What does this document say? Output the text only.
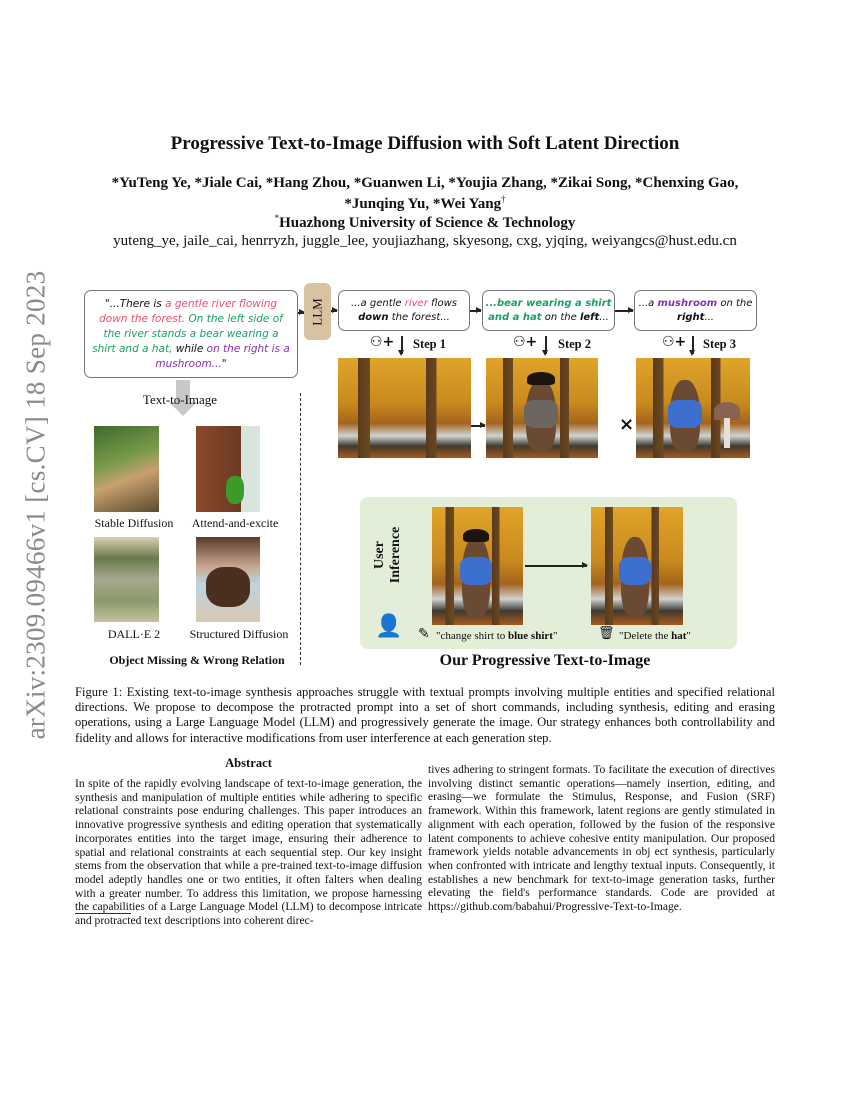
arXiv:2309.09466v1 [cs.CV] 18 Sep 2023
Progressive Text-to-Image Diffusion with Soft Latent Direction
*YuTeng Ye, *Jiale Cai, *Hang Zhou, *Guanwen Li, *Youjia Zhang, *Zikai Song, *Chenxing Gao,
*Junqing Yu, *Wei Yang†
*Huazhong University of Science & Technology
yuteng_ye, jaile_cai, henrryzh, juggle_lee, youjiazhang, skyesong, cxg, yjqing, weiyangcs@hust.edu.cn
"...There is a gentle river flowing down the forest. On the left side of the river stands a bear wearing a shirt and a hat, while on the right is a mushroom..."
LLM	...a gentle river flows down the forest...
...bear wearing a shirt and a hat on the left...
...a mushroom on the right...
⚇+ Step 1	⚇+ Step 2	⚇+ Step 3
×
User Inference
👤 ✎ "change shirt to blue shirt"	🗑 "Delete the hat"
Text-to-Image
Stable Diffusion	Attend-and-excite
DALL·E 2	Structured Diffusion
Object Missing & Wrong Relation	Our Progressive Text-to-Image
Figure 1: Existing text-to-image synthesis approaches struggle with textual prompts involving multiple entities and specified relational directions. We propose to decompose the protracted prompt into a set of short commands, including synthesis, editing and erasing operations, using a Large Language Model (LLM) and progressively generate the image. Our strategy enhances both controllability and fidelity and allows for interactive modifications from user interference at each generation step.
Abstract
In spite of the rapidly evolving landscape of text-to-image generation, the synthesis and manipulation of multiple entities while adhering to specific relational constraints pose enduring challenges. This paper introduces an innovative progressive synthesis and editing operation that systematically incorporates entities into the target image, ensuring their adherence to spatial and relational constraints at each sequential step. Our key insight stems from the observation that while a pre-trained text-to-image diffusion model adeptly handles one or two entities, it often falters when dealing with a greater number. To address this limitation, we propose harnessing the capabilities of a Large Language Model (LLM) to decompose intricate and protracted text descriptions into coherent direc-
tives adhering to stringent formats. To facilitate the execution of directives involving distinct semantic operations—namely insertion, editing, and erasing—we formulate the Stimulus, Response, and Fusion (SRF) framework. Within this framework, latent regions are gently stimulated in alignment with each operation, followed by the fusion of the responsive latent components to achieve cohesive entity manipulation. Our proposed framework yields notable advancements in obj ect synthesis, particularly when confronted with intricate and lengthy textual inputs. Consequently, it establishes a new benchmark for text-to-image generation tasks, further elevating the field's performance standards. Code are provided at https://github.com/babahui/Progressive-Text-to-Image.
